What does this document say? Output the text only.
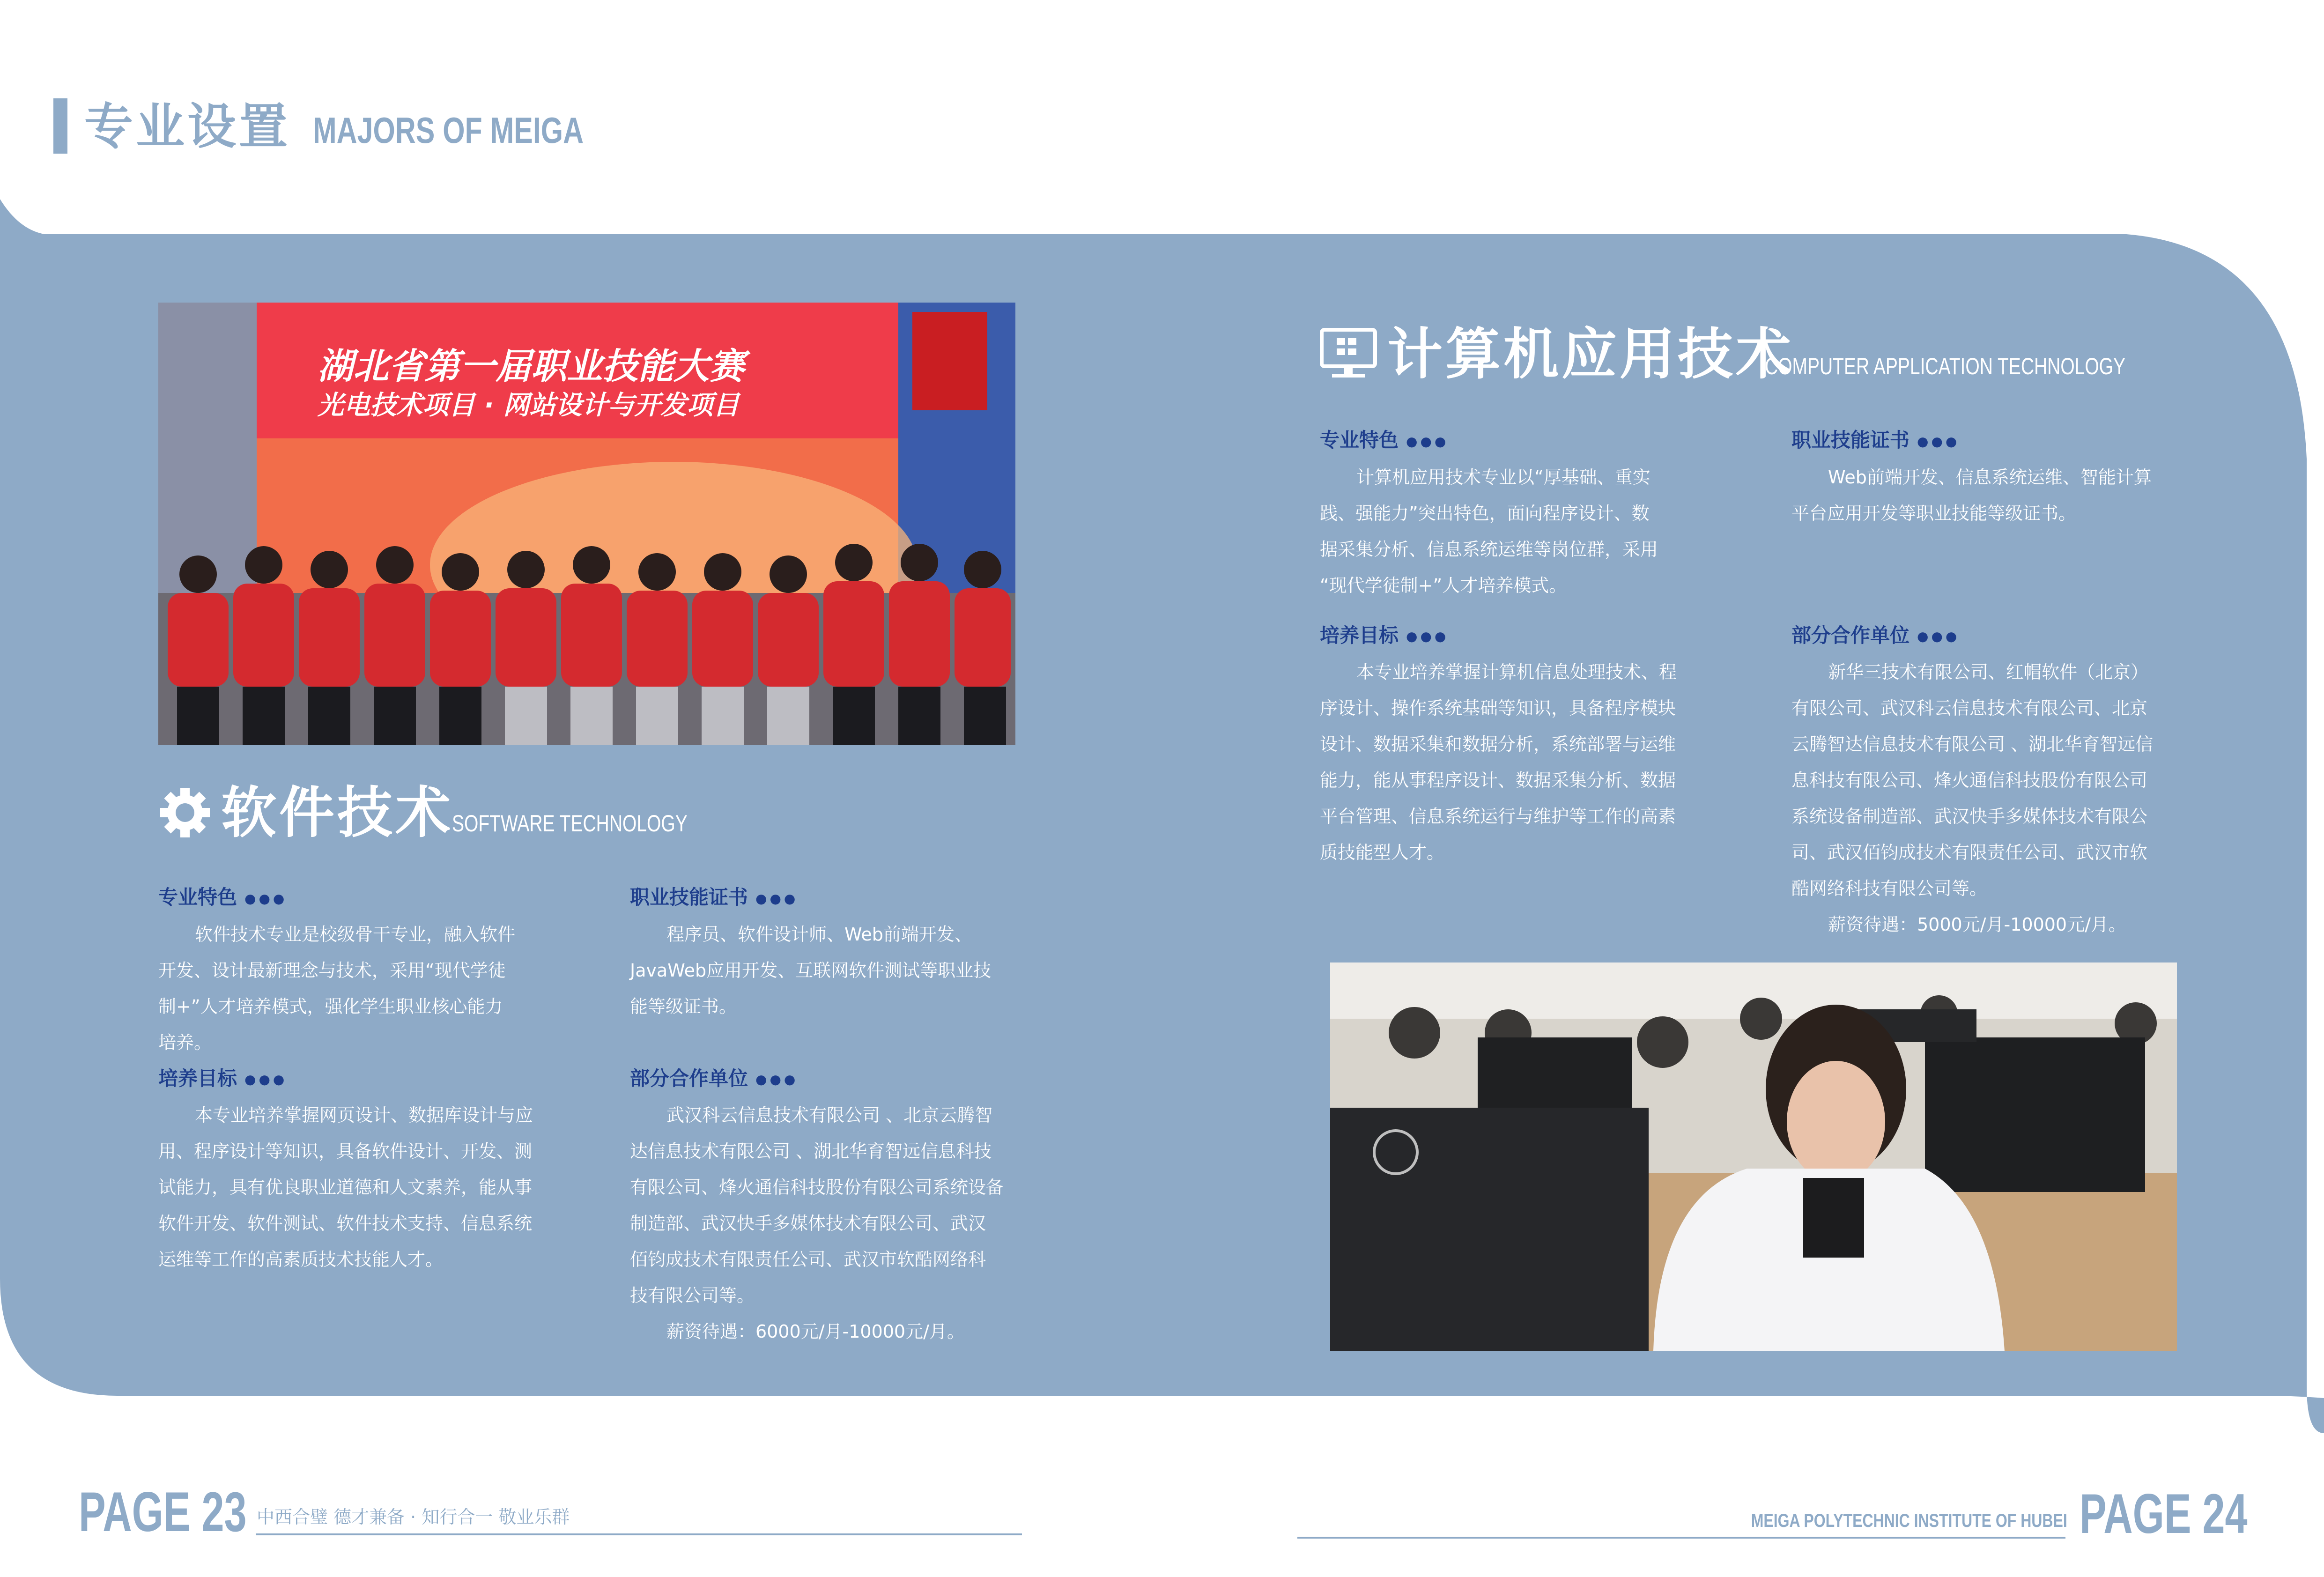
专业设置 MAJORS OF MEIGA
湖北省第一届职业技能大赛
光电技术项目 · 网站设计与开发项目
软件技术
SOFTWARE TECHNOLOGY
专业特色 ●●●
软件技术专业是校级骨干专业，融入软件
开发、设计最新理念与技术，采用“现代学徒
制+”人才培养模式，强化学生职业核心能力
培养。
培养目标 ●●●
本专业培养掌握网页设计、数据库设计与应
用、程序设计等知识，具备软件设计、开发、测
试能力，具有优良职业道德和人文素养，能从事
软件开发、软件测试、软件技术支持、信息系统
运维等工作的高素质技术技能人才。
职业技能证书 ●●●
程序员、软件设计师、Web前端开发、
JavaWeb应用开发、互联网软件测试等职业技
能等级证书。
部分合作单位 ●●●
武汉科云信息技术有限公司 、北京云腾智
达信息技术有限公司 、湖北华育智远信息科技
有限公司、烽火通信科技股份有限公司系统设备
制造部、武汉快手多媒体技术有限公司、武汉
佰钧成技术有限责任公司、武汉市软酷网络科
技有限公司等。
薪资待遇：6000元/月-10000元/月。
计算机应用技术
COMPUTER APPLICATION TECHNOLOGY
专业特色 ●●●
计算机应用技术专业以“厚基础、重实
践、强能力”突出特色，面向程序设计、数
据采集分析、信息系统运维等岗位群，采用
“现代学徒制+”人才培养模式。
培养目标 ●●●
本专业培养掌握计算机信息处理技术、程
序设计、操作系统基础等知识，具备程序模块
设计、数据采集和数据分析，系统部署与运维
能力，能从事程序设计、数据采集分析、数据
平台管理、信息系统运行与维护等工作的高素
质技能型人才。
职业技能证书 ●●●
Web前端开发、信息系统运维、智能计算
平台应用开发等职业技能等级证书。
部分合作单位 ●●●
新华三技术有限公司、红帽软件（北京）
有限公司、武汉科云信息技术有限公司、北京
云腾智达信息技术有限公司 、湖北华育智远信
息科技有限公司、烽火通信科技股份有限公司
系统设备制造部、武汉快手多媒体技术有限公
司、武汉佰钧成技术有限责任公司、武汉市软
酷网络科技有限公司等。
薪资待遇：5000元/月-10000元/月。
PAGE 23 中西合璧 德才兼备 · 知行合一 敬业乐群	MEIGA POLYTECHNIC INSTITUTE OF HUBEI PAGE 24
